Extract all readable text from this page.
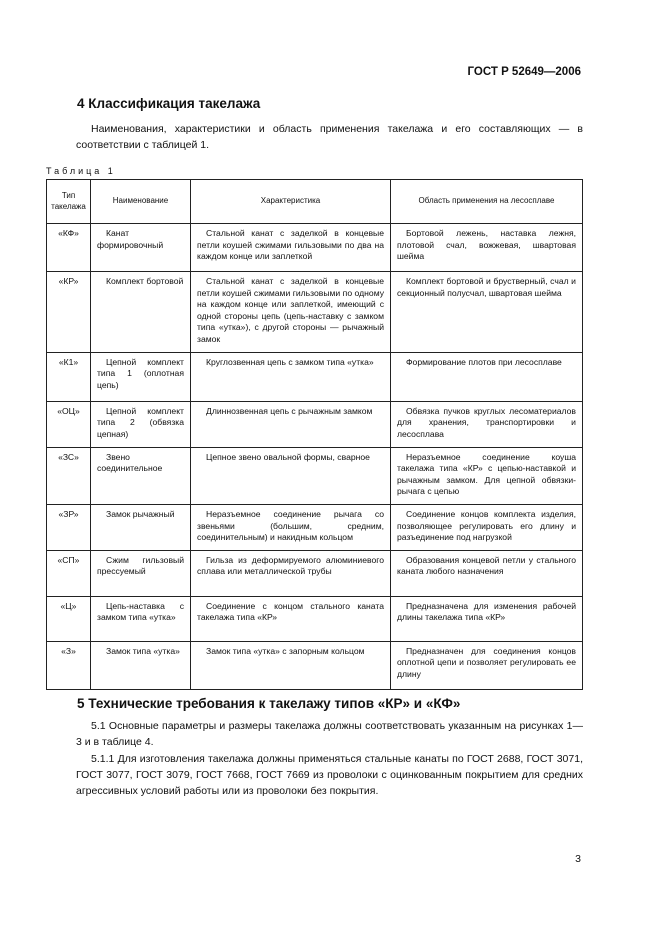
ГОСТ Р 52649—2006
4 Классификация такелажа
Наименования, характеристики и область применения такелажа и его составляющих — в соответствии с таблицей 1.
Таблица 1
Тип такелажа	Наименование	Характеристика	Область применения на лесосплаве
«КФ»	Канат формировочный	Стальной канат с заделкой в концевые петли коушей сжимами гильзовыми по два на каждом конце или заплеткой	Бортовой лежень, наставка лежня, плотовой счал, вожжевая, швартовая шейма
«КР»	Комплект бортовой	Стальной канат с заделкой в концевые петли коушей сжимами гильзовыми по одному на каждом конце или заплеткой, имеющий с одной стороны цепь (цепь-наставку с замком типа «утка»), с другой стороны — рычажный замок	Комплект бортовой и брустверный, счал и секционный полусчал, швартовая шейма
«К1»	Цепной комплект типа 1 (оплотная цепь)	Круглозвенная цепь с замком типа «утка»	Формирование плотов при лесосплаве
«ОЦ»	Цепной комплект типа 2 (обвязка цепная)	Длиннозвенная цепь с рычажным замком	Обвязка пучков круглых лесоматериалов для хранения, транспортировки и лесосплава
«ЗС»	Звено соединительное	Цепное звено овальной формы, сварное	Неразъемное соединение коуша такелажа типа «КР» с цепью-наставкой и рычажным замком. Для цепной обвязки-рычага с цепью
«ЗР»	Замок рычажный	Неразъемное соединение рычага со звеньями (большим, средним, соединительным) и накидным кольцом	Соединение концов комплекта изделия, позволяющее регулировать его длину и разъединение под нагрузкой
«СП»	Сжим гильзовый прессуемый	Гильза из деформируемого алюминиевого сплава или металлической трубы	Образования концевой петли у стального каната любого назначения
«Ц»	Цепь-наставка с замком типа «утка»	Соединение с концом стального каната такелажа типа «КР»	Предназначена для изменения рабочей длины такелажа типа «КР»
«З»	Замок типа «утка»	Замок типа «утка» с запорным кольцом	Предназначен для соединения концов оплотной цепи и позволяет регулировать ее длину
5 Технические требования к такелажу типов «КР» и «КФ»
5.1 Основные параметры и размеры такелажа должны соответствовать указанным на рисунках 1—3 и в таблице 4.
5.1.1 Для изготовления такелажа должны применяться стальные канаты по ГОСТ 2688, ГОСТ 3071, ГОСТ 3077, ГОСТ 3079, ГОСТ 7668, ГОСТ 7669 из проволоки с оцинкованным покрытием для средних агрессивных условий работы или из проволоки без покрытия.
3
